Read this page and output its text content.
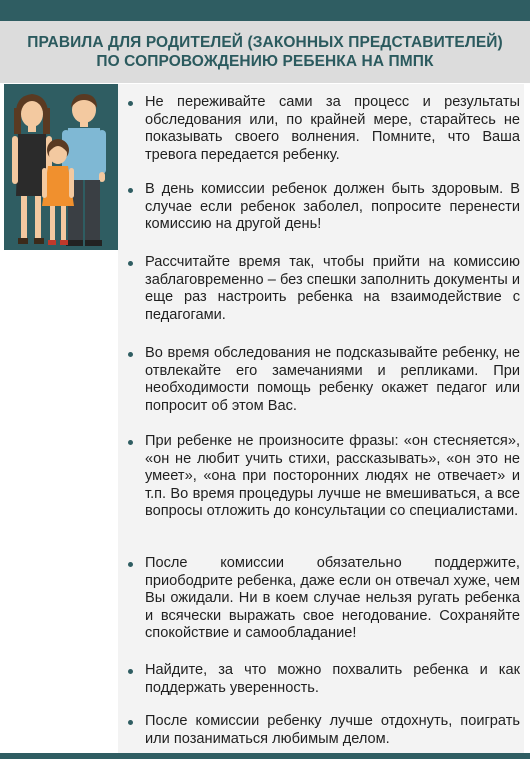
ПРАВИЛА ДЛЯ РОДИТЕЛЕЙ (ЗАКОННЫХ ПРЕДСТАВИТЕЛЕЙ)
ПО СОПРОВОЖДЕНИЮ РЕБЕНКА НА ПМПК
Не переживайте сами за процесс и результаты обследования или, по крайней мере, старайтесь не показывать своего волнения. Помните, что Ваша тревога передается ребенку.
В день комиссии ребенок должен быть здоровым. В случае если ребенок заболел, попросите перенести комиссию на другой день!
Рассчитайте время так, чтобы прийти на комиссию заблаговременно – без спешки заполнить документы и еще раз настроить ребенка на взаимодействие с педагогами.
Во время обследования не подсказывайте ребенку, не отвлекайте его замечаниями и репликами. При необходимости помощь ребенку окажет педагог или попросит об этом Вас.
При ребенке не произносите фразы: «он стесняется», «он не любит учить стихи, рассказывать», «он это не умеет», «она при посторонних людях не отвечает» и т.п. Во время процедуры лучше не вмешиваться, а все вопросы отложить до консультации со специалистами.
После комиссии обязательно поддержите, приободрите ребенка, даже если он отвечал хуже, чем Вы ожидали. Ни в коем случае нельзя ругать ребенка и всячески выражать свое негодование. Сохраняйте спокойствие и самообладание!
Найдите, за что можно похвалить ребенка и как поддержать уверенность.
После комиссии ребенку лучше отдохнуть, поиграть или позаниматься любимым делом.
